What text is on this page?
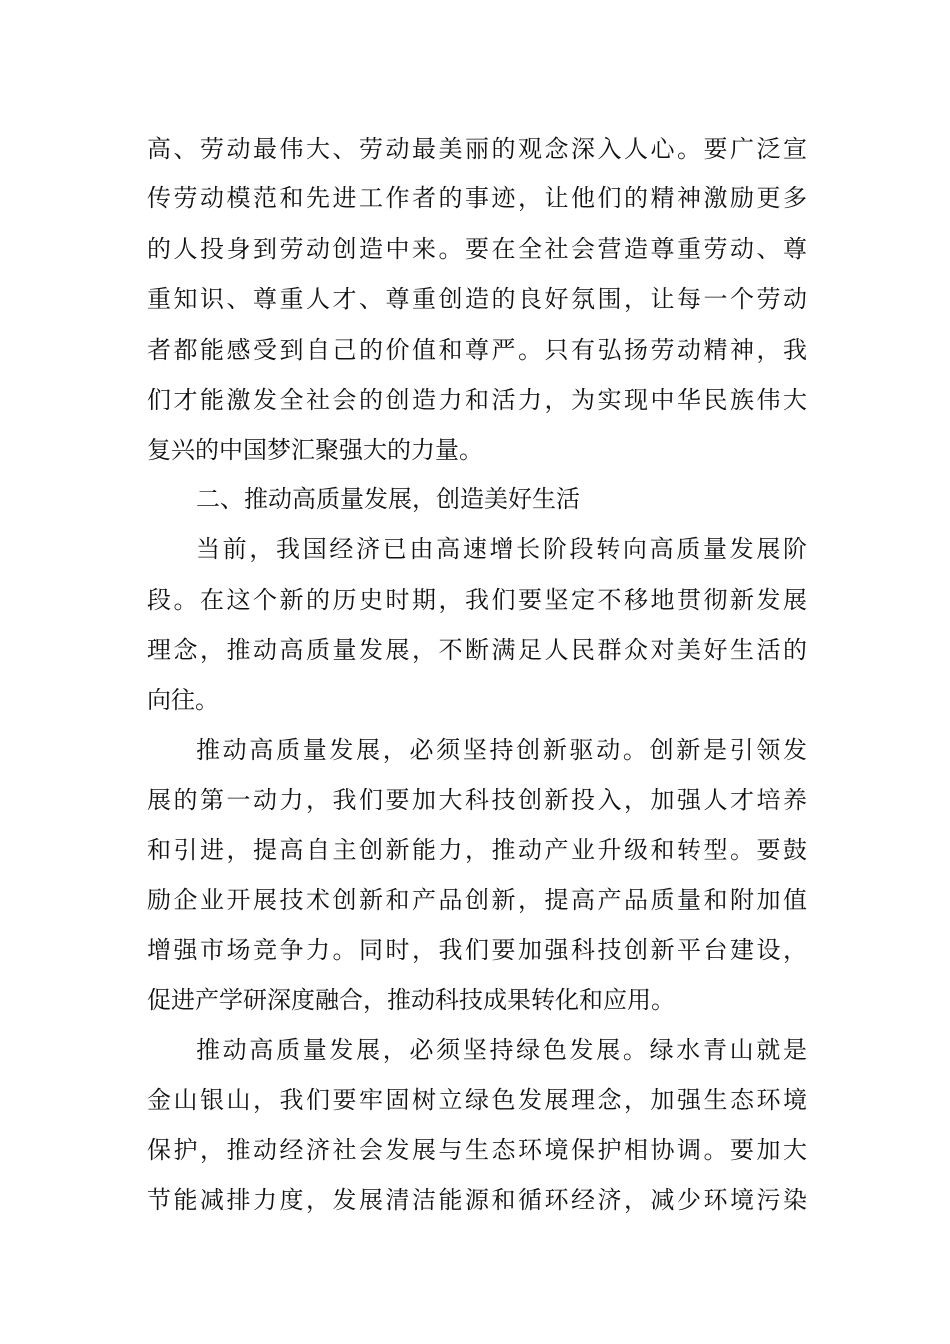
高、劳动最伟大、劳动最美丽的观念深入人心。要广泛宣
传劳动模范和先进工作者的事迹，让他们的精神激励更多
的人投身到劳动创造中来。要在全社会营造尊重劳动、尊
重知识、尊重人才、尊重创造的良好氛围，让每一个劳动
者都能感受到自己的价值和尊严。只有弘扬劳动精神，我
们才能激发全社会的创造力和活力，为实现中华民族伟大
复兴的中国梦汇聚强大的力量。
二、推动高质量发展，创造美好生活
当前，我国经济已由高速增长阶段转向高质量发展阶
段。在这个新的历史时期，我们要坚定不移地贯彻新发展
理念，推动高质量发展，不断满足人民群众对美好生活的
向往。
推动高质量发展，必须坚持创新驱动。创新是引领发
展的第一动力，我们要加大科技创新投入，加强人才培养
和引进，提高自主创新能力，推动产业升级和转型。要鼓
励企业开展技术创新和产品创新，提高产品质量和附加值
增强市场竞争力。同时，我们要加强科技创新平台建设，
促进产学研深度融合，推动科技成果转化和应用。
推动高质量发展，必须坚持绿色发展。绿水青山就是
金山银山，我们要牢固树立绿色发展理念，加强生态环境
保护，推动经济社会发展与生态环境保护相协调。要加大
节能减排力度，发展清洁能源和循环经济，减少环境污染
